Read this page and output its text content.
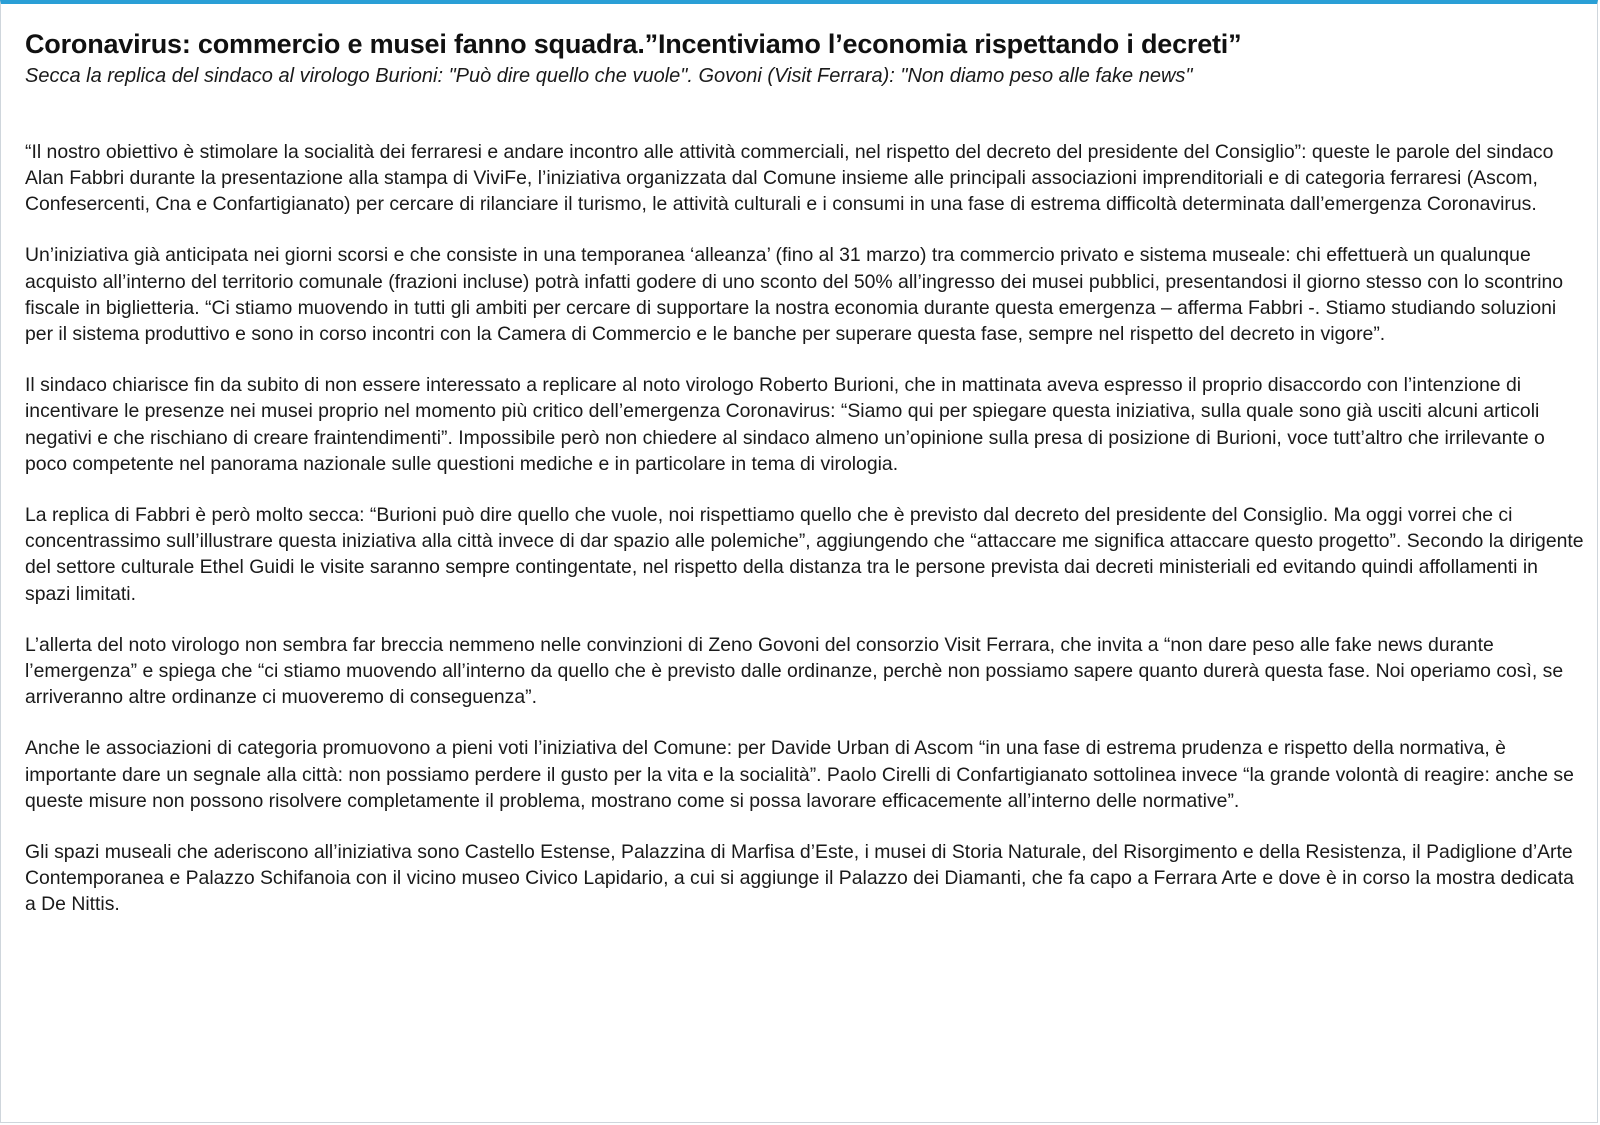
Coronavirus: commercio e musei fanno squadra.”Incentiviamo l’economia rispettando i decreti”
Secca la replica del sindaco al virologo Burioni: "Può dire quello che vuole". Govoni (Visit Ferrara): "Non diamo peso alle fake news"

“Il nostro obiettivo è stimolare la socialità dei ferraresi e andare incontro alle attività commerciali, nel rispetto del decreto del presidente del Consiglio”: queste le parole del sindaco Alan Fabbri durante la presentazione alla stampa di ViviFe, l’iniziativa organizzata dal Comune insieme alle principali associazioni imprenditoriali e di categoria ferraresi (Ascom, Confesercenti, Cna e Confartigianato) per cercare di rilanciare il turismo, le attività culturali e i consumi in una fase di estrema difficoltà determinata dall’emergenza Coronavirus.

Un’iniziativa già anticipata nei giorni scorsi e che consiste in una temporanea ‘alleanza’ (fino al 31 marzo) tra commercio privato e sistema museale: chi effettuerà un qualunque acquisto all’interno del territorio comunale (frazioni incluse) potrà infatti godere di uno sconto del 50% all’ingresso dei musei pubblici, presentandosi il giorno stesso con lo scontrino fiscale in biglietteria. “Ci stiamo muovendo in tutti gli ambiti per cercare di supportare la nostra economia durante questa emergenza – afferma Fabbri -. Stiamo studiando soluzioni per il sistema produttivo e sono in corso incontri con la Camera di Commercio e le banche per superare questa fase, sempre nel rispetto del decreto in vigore”.

Il sindaco chiarisce fin da subito di non essere interessato a replicare al noto virologo Roberto Burioni, che in mattinata aveva espresso il proprio disaccordo con l’intenzione di incentivare le presenze nei musei proprio nel momento più critico dell’emergenza Coronavirus: “Siamo qui per spiegare questa iniziativa, sulla quale sono già usciti alcuni articoli negativi e che rischiano di creare fraintendimenti”. Impossibile però non chiedere al sindaco almeno un’opinione sulla presa di posizione di Burioni, voce tutt’altro che irrilevante o poco competente nel panorama nazionale sulle questioni mediche e in particolare in tema di virologia.

La replica di Fabbri è però molto secca: “Burioni può dire quello che vuole, noi rispettiamo quello che è previsto dal decreto del presidente del Consiglio. Ma oggi vorrei che ci concentrassimo sull’illustrare questa iniziativa alla città invece di dar spazio alle polemiche”, aggiungendo che “attaccare me significa attaccare questo progetto”. Secondo la dirigente del settore culturale Ethel Guidi le visite saranno sempre contingentate, nel rispetto della distanza tra le persone prevista dai decreti ministeriali ed evitando quindi affollamenti in spazi limitati.

L’allerta del noto virologo non sembra far breccia nemmeno nelle convinzioni di Zeno Govoni del consorzio Visit Ferrara, che invita a “non dare peso alle fake news durante l’emergenza” e spiega che “ci stiamo muovendo all’interno da quello che è previsto dalle ordinanze, perchè non possiamo sapere quanto durerà questa fase. Noi operiamo così, se arriveranno altre ordinanze ci muoveremo di conseguenza”.

Anche le associazioni di categoria promuovono a pieni voti l’iniziativa del Comune: per Davide Urban di Ascom “in una fase di estrema prudenza e rispetto della normativa, è importante dare un segnale alla città: non possiamo perdere il gusto per la vita e la socialità”. Paolo Cirelli di Confartigianato sottolinea invece “la grande volontà di reagire: anche se queste misure non possono risolvere completamente il problema, mostrano come si possa lavorare efficacemente all’interno delle normative”.

Gli spazi museali che aderiscono all’iniziativa sono Castello Estense, Palazzina di Marfisa d’Este, i musei di Storia Naturale, del Risorgimento e della Resistenza, il Padiglione d’Arte Contemporanea e Palazzo Schifanoia con il vicino museo Civico Lapidario, a cui si aggiunge il Palazzo dei Diamanti, che fa capo a Ferrara Arte e dove è in corso la mostra dedicata a De Nittis.
